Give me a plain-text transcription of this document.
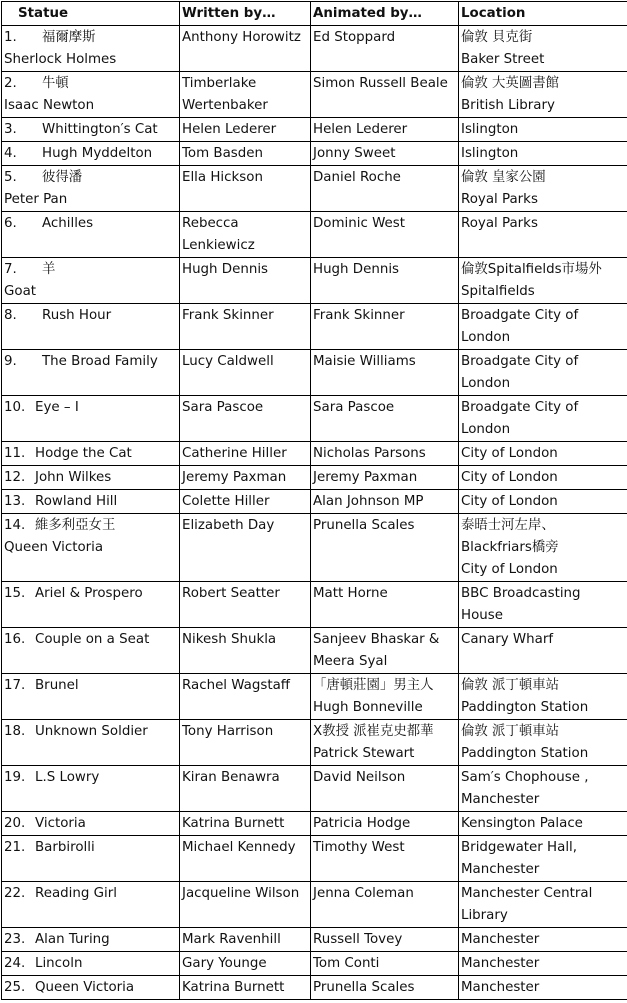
Statue	Written by…	Animated by…	Location

1. 福爾摩斯
Sherlock Holmes	Anthony Horowitz	Ed Stoppard	倫敦 貝克街
Baker Street

2. 牛頓
Isaac Newton	Timberlake
Wertenbaker	Simon Russell Beale	倫敦 大英圖書館
British Library

3. Whittington′s Cat	Helen Lederer	Helen Lederer	Islington

4. Hugh Myddelton	Tom Basden	Jonny Sweet	Islington

5. 彼得潘
Peter Pan	Ella Hickson	Daniel Roche	倫敦 皇家公園
Royal Parks

6. Achilles	Rebecca
Lenkiewicz	Dominic West	Royal Parks

7. 羊
Goat	Hugh Dennis	Hugh Dennis	倫敦Spitalfields市場外
Spitalfields

8. Rush Hour	Frank Skinner	Frank Skinner	Broadgate City of
London

9. The Broad Family	Lucy Caldwell	Maisie Williams	Broadgate City of
London

10. Eye – I	Sara Pascoe	Sara Pascoe	Broadgate City of
London

11. Hodge the Cat	Catherine Hiller	Nicholas Parsons	City of London

12. John Wilkes	Jeremy Paxman	Jeremy Paxman	City of London

13. Rowland Hill	Colette Hiller	Alan Johnson MP	City of London

14. 維多利亞女王
Queen Victoria	Elizabeth Day	Prunella Scales	泰晤士河左岸、
Blackfriars橋旁
City of London

15. Ariel & Prospero	Robert Seatter	Matt Horne	BBC Broadcasting
House

16. Couple on a Seat	Nikesh Shukla	Sanjeev Bhaskar &
Meera Syal	Canary Wharf

17. Brunel	Rachel Wagstaff	「唐頓莊園」男主人
Hugh Bonneville	倫敦 派丁頓車站
Paddington Station

18. Unknown Soldier	Tony Harrison	X教授 派崔克史都華
Patrick Stewart	倫敦 派丁頓車站
Paddington Station

19. L.S Lowry	Kiran Benawra	David Neilson	Sam′s Chophouse ,
Manchester

20. Victoria	Katrina Burnett	Patricia Hodge	Kensington Palace

21. Barbirolli	Michael Kennedy	Timothy West	Bridgewater Hall,
Manchester

22. Reading Girl	Jacqueline Wilson	Jenna Coleman	Manchester Central
Library

23. Alan Turing	Mark Ravenhill	Russell Tovey	Manchester

24. Lincoln	Gary Younge	Tom Conti	Manchester

25. Queen Victoria	Katrina Burnett	Prunella Scales	Manchester
